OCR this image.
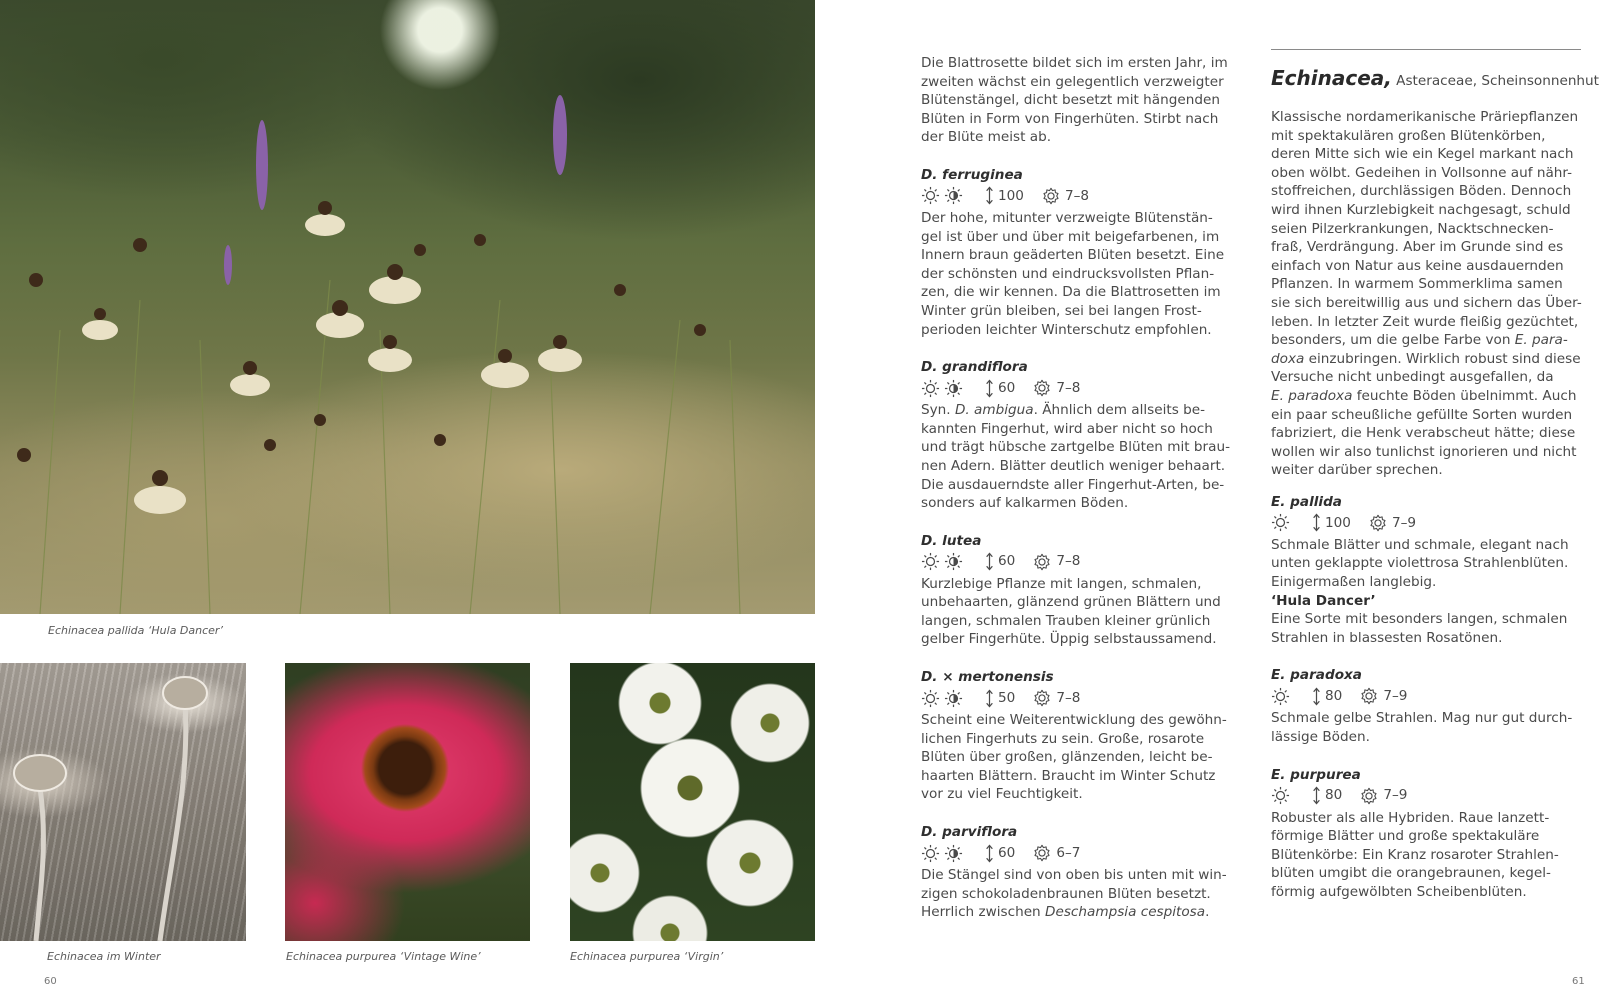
Echinacea pallida ‘Hula Dancer’
Echinacea im Winter	Echinacea purpurea ‘Vintage Wine’	Echinacea purpurea ‘Virgin’
60	61
Die Blattrosette bildet sich im ersten Jahr, im
zweiten wächst ein gelegentlich verzweigter
Blütenstängel, dicht besetzt mit hängenden
Blüten in Form von Fingerhüten. Stirbt nach
der Blüte meist ab.
D. ferruginea
100	7–8
Der hohe, mitunter verzweigte Blütenstän-
gel ist über und über mit beigefarbenen, im
Innern braun geäderten Blüten besetzt. Eine
der schönsten und eindrucksvollsten Pflan-
zen, die wir kennen. Da die Blattrosetten im
Winter grün bleiben, sei bei langen Frost-
perioden leichter Winterschutz empfohlen.
D. grandiflora
60	7–8
Syn. D. ambigua. Ähnlich dem allseits be-
kannten Fingerhut, wird aber nicht so hoch
und trägt hübsche zartgelbe Blüten mit brau-
nen Adern. Blätter deutlich weniger behaart.
Die ausdauerndste aller Fingerhut-Arten, be-
sonders auf kalkarmen Böden.
D. lutea
60	7–8
Kurzlebige Pflanze mit langen, schmalen,
unbehaarten, glänzend grünen Blättern und
langen, schmalen Trauben kleiner grünlich
gelber Fingerhüte. Üppig selbstaussamend.
D. × mertonensis
50	7–8
Scheint eine Weiterentwicklung des gewöhn-
lichen Fingerhuts zu sein. Große, rosarote
Blüten über großen, glänzenden, leicht be-
haarten Blättern. Braucht im Winter Schutz
vor zu viel Feuchtigkeit.
D. parviflora
60	6–7
Die Stängel sind von oben bis unten mit win-
zigen schokoladenbraunen Blüten besetzt.
Herrlich zwischen Deschampsia cespitosa.
Echinacea, Asteraceae, Scheinsonnenhut
Klassische nordamerikanische Präriepflanzen
mit spektakulären großen Blütenkörben,
deren Mitte sich wie ein Kegel markant nach
oben wölbt. Gedeihen in Vollsonne auf nähr-
stoffreichen, durchlässigen Böden. Dennoch
wird ihnen Kurzlebigkeit nachgesagt, schuld
seien Pilzerkrankungen, Nacktschnecken-
fraß, Verdrängung. Aber im Grunde sind es
einfach von Natur aus keine ausdauernden
Pflanzen. In warmem Sommerklima samen
sie sich bereitwillig aus und sichern das Über-
leben. In letzter Zeit wurde fleißig gezüchtet,
besonders, um die gelbe Farbe von E. para-
doxa einzubringen. Wirklich robust sind diese
Versuche nicht unbedingt ausgefallen, da
E. paradoxa feuchte Böden übelnimmt. Auch
ein paar scheußliche gefüllte Sorten wurden
fabriziert, die Henk verabscheut hätte; diese
wollen wir also tunlichst ignorieren und nicht
weiter darüber sprechen.
E. pallida
100	7–9
Schmale Blätter und schmale, elegant nach
unten geklappte violettrosa Strahlenblüten.
Einigermaßen langlebig.
‘Hula Dancer’
Eine Sorte mit besonders langen, schmalen
Strahlen in blassesten Rosatönen.
E. paradoxa
80	7–9
Schmale gelbe Strahlen. Mag nur gut durch-
lässige Böden.
E. purpurea
80	7–9
Robuster als alle Hybriden. Raue lanzett-
förmige Blätter und große spektakuläre
Blütenkörbe: Ein Kranz rosaroter Strahlen-
blüten umgibt die orangebraunen, kegel-
förmig aufgewölbten Scheibenblüten.
